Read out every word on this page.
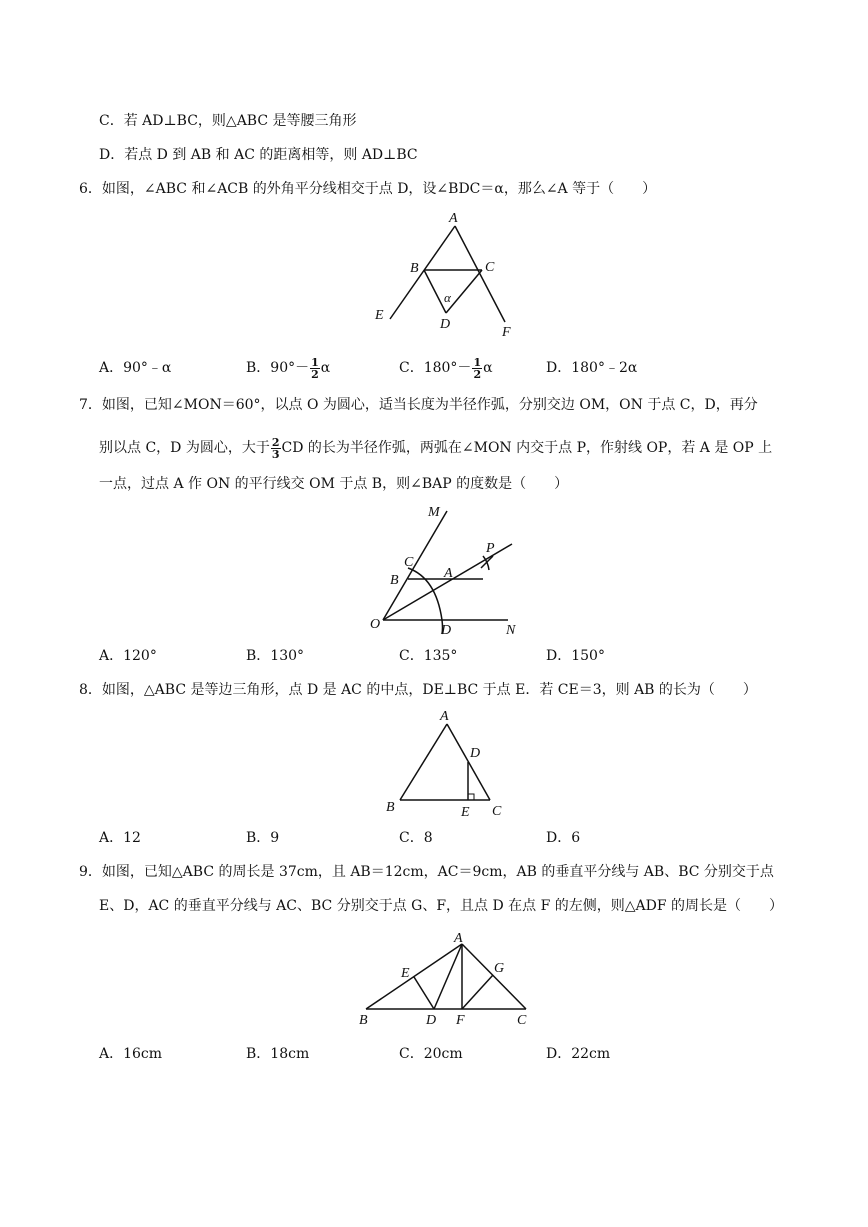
C．若 AD⊥BC，则△ABC 是等腰三角形
D．若点 D 到 AB 和 AC 的距离相等，则 AD⊥BC
6．如图，∠ABC 和∠ACB 的外角平分线相交于点 D，设∠BDC＝α，那么∠A 等于（　　）
A
B	C
D
E
F
α
A．90°﹣α	B．$90^\circ- \frac{1}{2}$ α	C．$180^\circ- \frac{1}{2}$ α	D．180°﹣2α
7．如图，已知∠MON＝60°，以点 O 为圆心，适当长度为半径作弧，分别交边 OM，ON 于点 C，D，再分
别以点 C，D 为圆心，大于 $\frac{2}{3}$ CD 的长为半径作弧，两弧在∠MON 内交于点 P，作射线 OP，若 A 是 OP 上
一点，过点 A 作 ON 的平行线交 OM 于点 B，则∠BAP 的度数是（　　）
M
P
C
B	A
O	D	N
A．120°	B．130°	C．135°	D．150°
8．如图，△ABC 是等边三角形，点 D 是 AC 的中点，DE⊥BC 于点 E．若 CE＝3，则 AB 的长为（　　）
A
B	C
D
E
A．12	B．9	C．8	D．6
9．如图，已知△ABC 的周长是 37cm，且 AB＝12cm，AC＝9cm，AB 的垂直平分线与 AB、BC 分别交于点
E、D，AC 的垂直平分线与 AC、BC 分别交于点 G、F，且点 D 在点 F 的左侧，则△ADF 的周长是（　　）
A
B	C
D
E
F
G
A．16cm	B．18cm	C．20cm	D．22cm
